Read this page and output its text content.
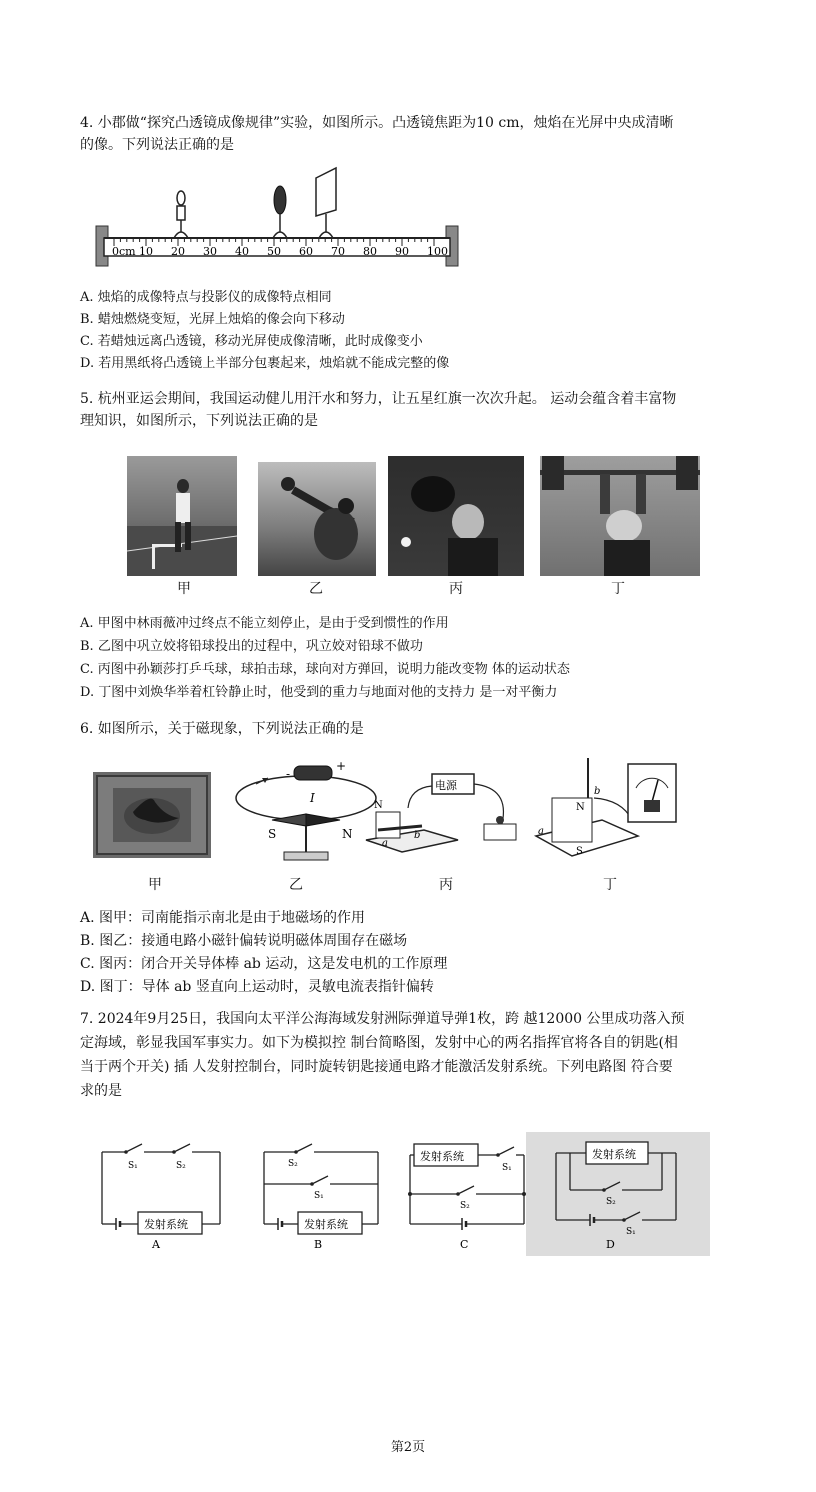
4. 小郡做“探究凸透镜成像规律”实验，如图所示。凸透镜焦距为10 cm，烛焰在光屏中央成清晰
的像。下列说法正确的是
0cm 10 20 30 40 50 60 70 80 90 100
A. 烛焰的成像特点与投影仪的成像特点相同
B. 蜡烛燃烧变短，光屏上烛焰的像会向下移动
C. 若蜡烛远离凸透镜，移动光屏使成像清晰，此时成像变小
D. 若用黑纸将凸透镜上半部分包裹起来，烛焰就不能成完整的像
5. 杭州亚运会期间，我国运动健儿用汗水和努力，让五星红旗一次次升起。 运动会蕴含着丰富物
理知识，如图所示，下列说法正确的是
甲	乙	丙	丁
A. 甲图中林雨薇冲过终点不能立刻停止，是由于受到惯性的作用
B. 乙图中巩立姣将铅球投出的过程中，巩立姣对铅球不做功
C. 丙图中孙颖莎打乒乓球，球拍击球，球向对方弹回，说明力能改变物 体的运动状态
D. 丁图中刘焕华举着杠铃静止时，他受到的重力与地面对他的支持力 是一对平衡力
6. 如图所示，关于磁现象，下列说法正确的是
-
+
I
S	N
电源
N
a
b
N
S
b
a
甲	乙	丙	丁
A. 图甲：司南能指示南北是由于地磁场的作用
B. 图乙：接通电路小磁针偏转说明磁体周围存在磁场
C. 图丙：闭合开关导体棒 ab 运动，这是发电机的工作原理
D. 图丁：导体 ab 竖直向上运动时，灵敏电流表指针偏转
7. 2024年9月25日，我国向太平洋公海海域发射洲际弹道导弹1枚，跨 越12000 公里成功落入预
定海域，彰显我国军事实力。如下为模拟控 制台简略图，发射中心的两名指挥官将各自的钥匙(相
当于两个开关) 插 人发射控制台，同时旋转钥匙接通电路才能激活发射系统。下列电路图 符合要
求的是
S₁	S₂
发射系统
A
S₂
S₁
发射系统
B
发射系统
S₁
S₂
C
发射系统
S₂
S₁
D
第2页
